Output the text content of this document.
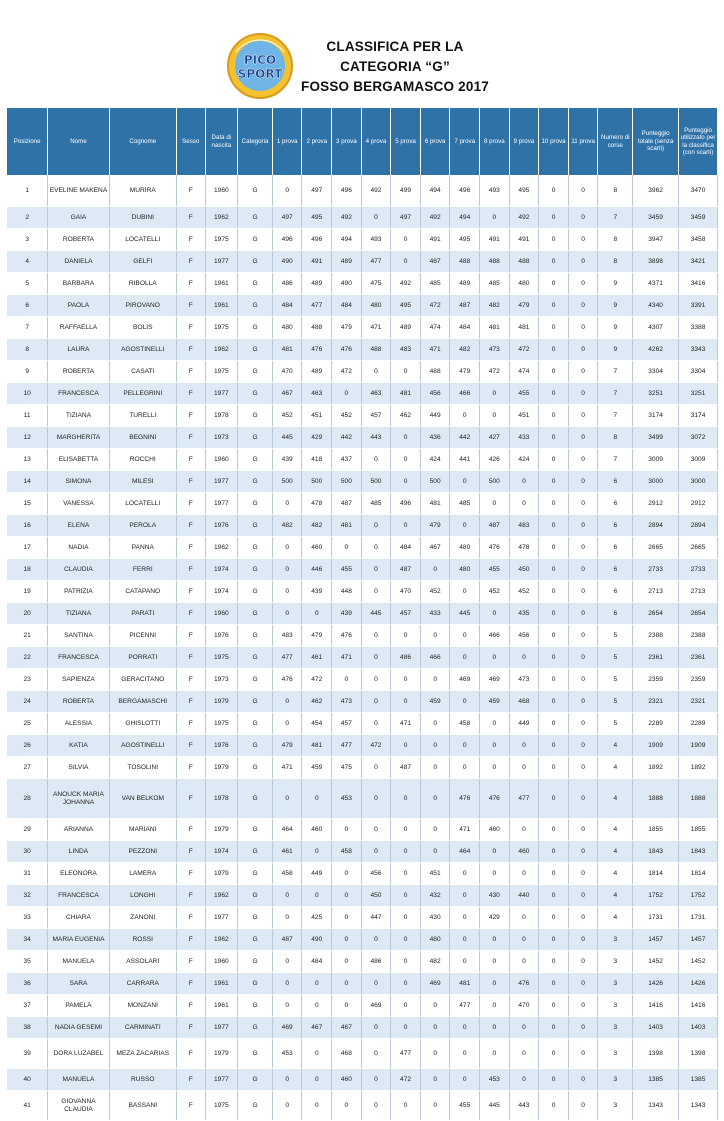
PICO
SPORT
CLASSIFICA PER LA
CATEGORIA “G”
FOSSO BERGAMASCO 2017
Posizione	Nome	Cognome	Sesso	Data di nascita	Categoria	1 prova	2 prova	3 prova	4 prova	5 prova	6 prova	7 prova	8 prova	9 prova	10 prova	11 prova	Numero di corse	Punteggio totale (senza scarti)	Punteggio utilizzato per la classifica (con scarti)
1	EVELINE MAKENA	MURIRA	F	1960	G	0	497	496	492	499	494	496	493	495	0	0	8	3962	3470
2	GAIA	DUBINI	F	1962	G	497	495	492	0	497	492	494	0	492	0	0	7	3459	3459
3	ROBERTA	LOCATELLI	F	1975	G	496	496	494	493	0	491	495	491	491	0	0	8	3947	3458
4	DANIELA	GELFI	F	1977	G	490	491	489	477	0	487	488	488	488	0	0	8	3898	3421
5	BARBARA	RIBOLLA	F	1961	G	486	489	490	475	492	485	489	485	480	0	0	9	4371	3416
6	PAOLA	PIROVANO	F	1961	G	484	477	484	480	495	472	487	482	479	0	0	9	4340	3391
7	RAFFAELLA	BOLIS	F	1975	G	480	488	479	471	489	474	484	481	481	0	0	9	4307	3388
8	LAURA	AGOSTINELLI	F	1962	G	481	476	476	488	483	471	482	473	472	0	0	9	4262	3343
9	ROBERTA	CASATI	F	1975	G	470	489	472	0	0	488	479	472	474	0	0	7	3304	3304
10	FRANCESCA	PELLEGRINI	F	1977	G	467	463	0	463	481	456	466	0	455	0	0	7	3251	3251
11	TIZIANA	TURELLI	F	1978	G	452	451	452	457	462	449	0	0	451	0	0	7	3174	3174
12	MARGHERITA	BEGNINI	F	1973	G	445	429	442	443	0	436	442	427	433	0	0	8	3499	3072
13	ELISABETTA	ROCCHI	F	1960	G	439	418	437	0	0	424	441	426	424	0	0	7	3009	3009
14	SIMONA	MILESI	F	1977	G	500	500	500	500	0	500	0	500	0	0	0	6	3000	3000
15	VANESSA	LOCATELLI	F	1977	G	0	478	487	485	496	481	485	0	0	0	0	6	2912	2912
16	ELENA	PEROLA	F	1976	G	482	482	481	0	0	479	0	487	483	0	0	6	2894	2894
17	NADIA	PANNA	F	1962	G	0	460	0	0	484	467	480	476	478	0	0	6	2665	2665
18	CLAUDIA	FERRI	F	1974	G	0	446	455	0	487	0	480	455	450	0	0	6	2733	2733
19	PATRIZIA	CATAPANO	F	1974	G	0	439	448	0	470	452	0	452	452	0	0	6	2713	2713
20	TIZIANA	PARATI	F	1960	G	0	0	439	445	457	433	445	0	435	0	0	6	2654	2654
21	SANTINA	PICENNI	F	1976	G	483	479	476	0	0	0	0	466	456	0	0	5	2388	2388
22	FRANCESCA	PORRATI	F	1975	G	477	461	471	0	486	466	0	0	0	0	0	5	2361	2361
23	SAPIENZA	GERACITANO	F	1973	G	476	472	0	0	0	0	469	469	473	0	0	5	2359	2359
24	ROBERTA	BERGAMASCHI	F	1979	G	0	462	473	0	0	459	0	459	468	0	0	5	2321	2321
25	ALESSIA	GHISLOTTI	F	1975	G	0	454	457	0	471	0	458	0	449	0	0	5	2289	2289
26	KATIA	AGOSTINELLI	F	1976	G	479	481	477	472	0	0	0	0	0	0	0	4	1909	1909
27	SILVIA	TOSOLINI	F	1979	G	471	459	475	0	487	0	0	0	0	0	0	4	1892	1892
28	ANOUCK MARIA JOHANNA	VAN BELKOM	F	1978	G	0	0	453	0	0	0	476	476	477	0	0	4	1888	1888
29	ARIANNA	MARIANI	F	1979	G	464	460	0	0	0	0	471	460	0	0	0	4	1855	1855
30	LINDA	PEZZONI	F	1974	G	461	0	458	0	0	0	464	0	460	0	0	4	1843	1843
31	ELEONORA	LAMERA	F	1979	G	458	449	0	456	0	451	0	0	0	0	0	4	1814	1814
32	FRANCESCA	LONGHI	F	1962	G	0	0	0	450	0	432	0	430	440	0	0	4	1752	1752
33	CHIARA	ZANONI	F	1977	G	0	425	0	447	0	430	0	429	0	0	0	4	1731	1731
34	MARIA EUGENIA	ROSSI	F	1962	G	487	490	0	0	0	480	0	0	0	0	0	3	1457	1457
35	MANUELA	ASSOLARI	F	1960	G	0	484	0	486	0	482	0	0	0	0	0	3	1452	1452
36	SARA	CARRARA	F	1961	G	0	0	0	0	0	469	481	0	476	0	0	3	1426	1426
37	PAMELA	MONZANI	F	1961	G	0	0	0	469	0	0	477	0	470	0	0	3	1416	1416
38	NADIA GESEMI	CARMINATI	F	1977	G	469	467	467	0	0	0	0	0	0	0	0	3	1403	1403
39	DORA LUZABEL	MEZA ZACARIAS	F	1979	G	453	0	468	0	477	0	0	0	0	0	0	3	1398	1398
40	MANUELA	RUSSO	F	1977	G	0	0	460	0	472	0	0	453	0	0	0	3	1385	1385
41	GIOVANNA CLAUDIA	BASSANI	F	1975	G	0	0	0	0	0	0	455	445	443	0	0	3	1343	1343
